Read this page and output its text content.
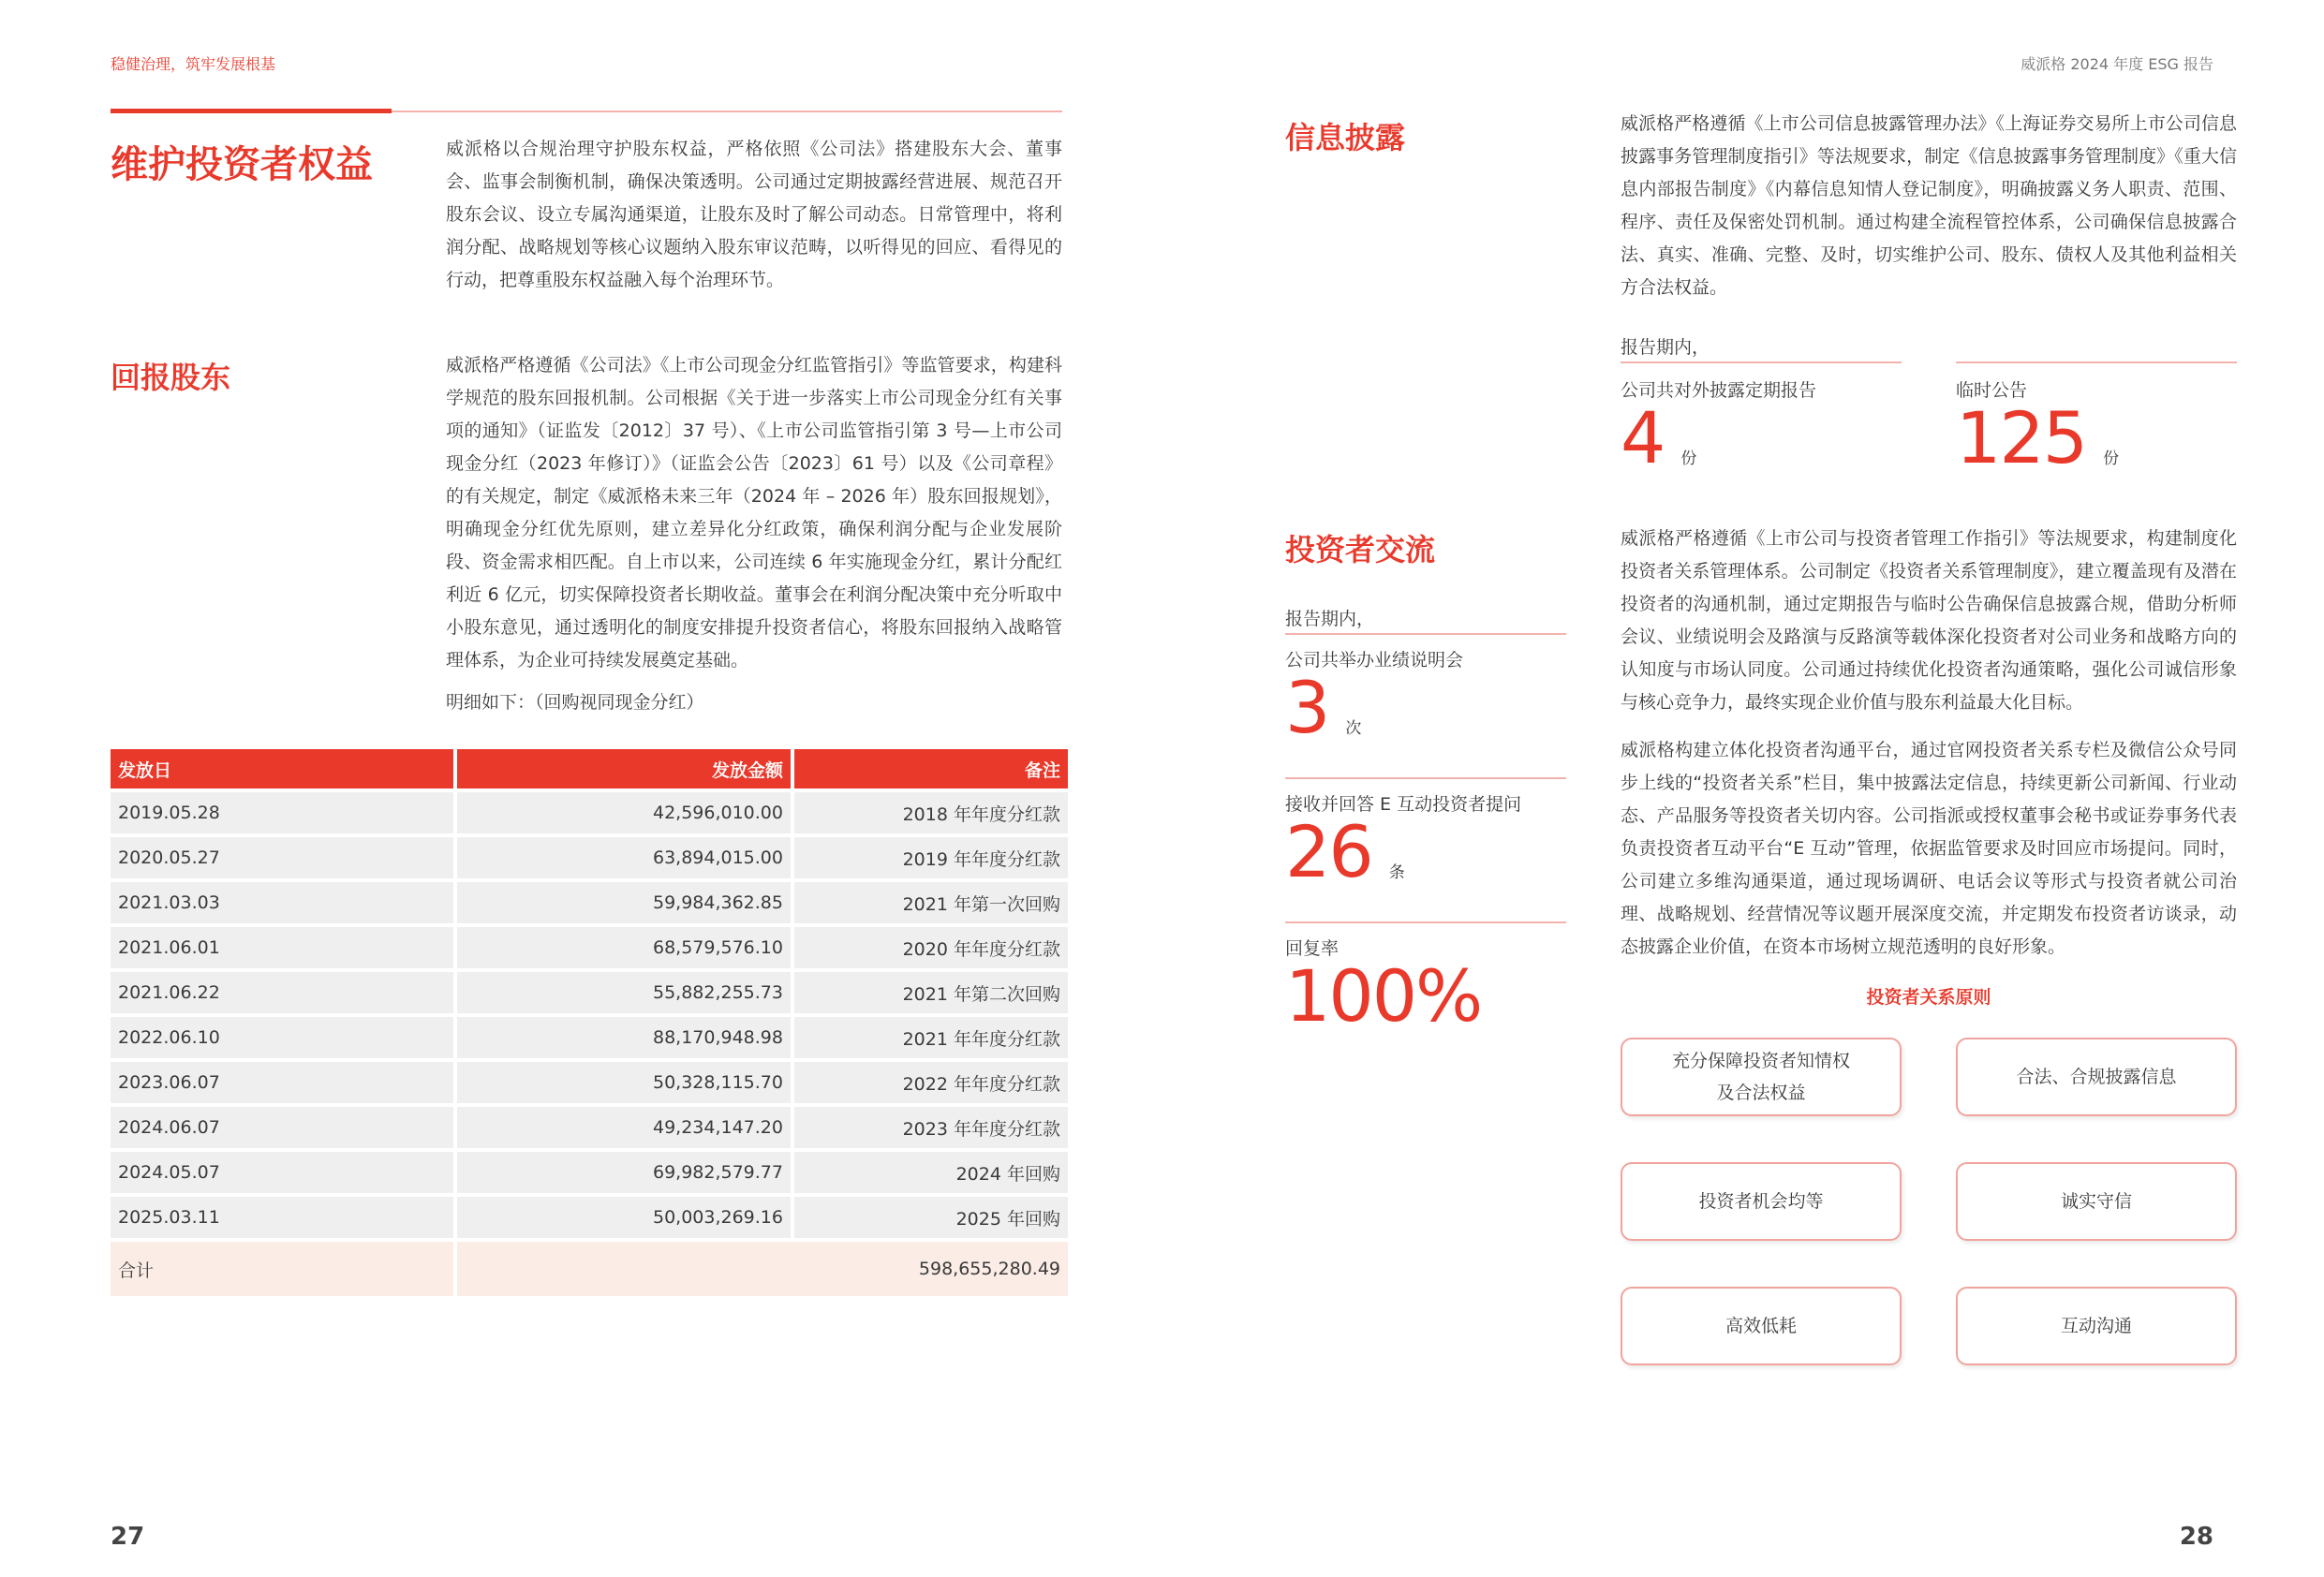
稳健治理，筑牢发展根基	威派格 2024 年度 ESG 报告
维护投资者权益	威派格以合规治理守护股东权益，严格依照《公司法》搭建股东大会、董事会、监事会制衡机制，确保决策透明。公司通过定期披露经营进展、规范召开股东会议、设立专属沟通渠道，让股东及时了解公司动态。日常管理中，将利润分配、战略规划等核心议题纳入股东审议范畴，以听得见的回应、看得见的行动，把尊重股东权益融入每个治理环节。
回报股东	威派格严格遵循《公司法》《上市公司现金分红监管指引》等监管要求，构建科学规范的股东回报机制。公司根据《关于进一步落实上市公司现金分红有关事项的通知》（证监发〔2012〕37 号）、《上市公司监管指引第 3 号—上市公司现金分红（2023 年修订）》（证监会公告〔2023〕61 号）以及《公司章程》的有关规定，制定《威派格未来三年（2024 年 – 2026 年）股东回报规划》，明确现金分红优先原则，建立差异化分红政策，确保利润分配与企业发展阶段、资金需求相匹配。自上市以来，公司连续 6 年实施现金分红，累计分配红利近 6 亿元，切实保障投资者长期收益。董事会在利润分配决策中充分听取中小股东意见，通过透明化的制度安排提升投资者信心，将股东回报纳入战略管理体系，为企业可持续发展奠定基础。
明细如下：（回购视同现金分红）
发放日	发放金额	备注
2019.05.28	42,596,010.00	2018 年年度分红款
2020.05.27	63,894,015.00	2019 年年度分红款
2021.03.03	59,984,362.85	2021 年第一次回购
2021.06.01	68,579,576.10	2020 年年度分红款
2021.06.22	55,882,255.73	2021 年第二次回购
2022.06.10	88,170,948.98	2021 年年度分红款
2023.06.07	50,328,115.70	2022 年年度分红款
2024.06.07	49,234,147.20	2023 年年度分红款
2024.05.07	69,982,579.77	2024 年回购
2025.03.11	50,003,269.16	2025 年回购
合计	598,655,280.49	
27
信息披露	威派格严格遵循《上市公司信息披露管理办法》《上海证券交易所上市公司信息披露事务管理制度指引》等法规要求，制定《信息披露事务管理制度》《重大信息内部报告制度》《内幕信息知情人登记制度》，明确披露义务人职责、范围、程序、责任及保密处罚机制。通过构建全流程管控体系，公司确保信息披露合法、真实、准确、完整、及时，切实维护公司、股东、债权人及其他利益相关方合法权益。
报告期内，
公司共对外披露定期报告
4 份
临时公告
125 份
投资者交流
报告期内，
公司共举办业绩说明会
3 次
接收并回答 E 互动投资者提问
26 条
回复率
100%
威派格严格遵循《上市公司与投资者管理工作指引》等法规要求，构建制度化投资者关系管理体系。公司制定《投资者关系管理制度》，建立覆盖现有及潜在投资者的沟通机制，通过定期报告与临时公告确保信息披露合规，借助分析师会议、业绩说明会及路演与反路演等载体深化投资者对公司业务和战略方向的认知度与市场认同度。公司通过持续优化投资者沟通策略，强化公司诚信形象与核心竞争力，最终实现企业价值与股东利益最大化目标。
威派格构建立体化投资者沟通平台，通过官网投资者关系专栏及微信公众号同步上线的“投资者关系”栏目，集中披露法定信息，持续更新公司新闻、行业动态、产品服务等投资者关切内容。公司指派或授权董事会秘书或证券事务代表负责投资者互动平台“E 互动”管理，依据监管要求及时回应市场提问。同时，公司建立多维沟通渠道，通过现场调研、电话会议等形式与投资者就公司治理、战略规划、经营情况等议题开展深度交流，并定期发布投资者访谈录，动态披露企业价值，在资本市场树立规范透明的良好形象。
投资者关系原则
充分保障投资者知情权
及合法权益
合法、合规披露信息
投资者机会均等	诚实守信
高效低耗	互动沟通
28
